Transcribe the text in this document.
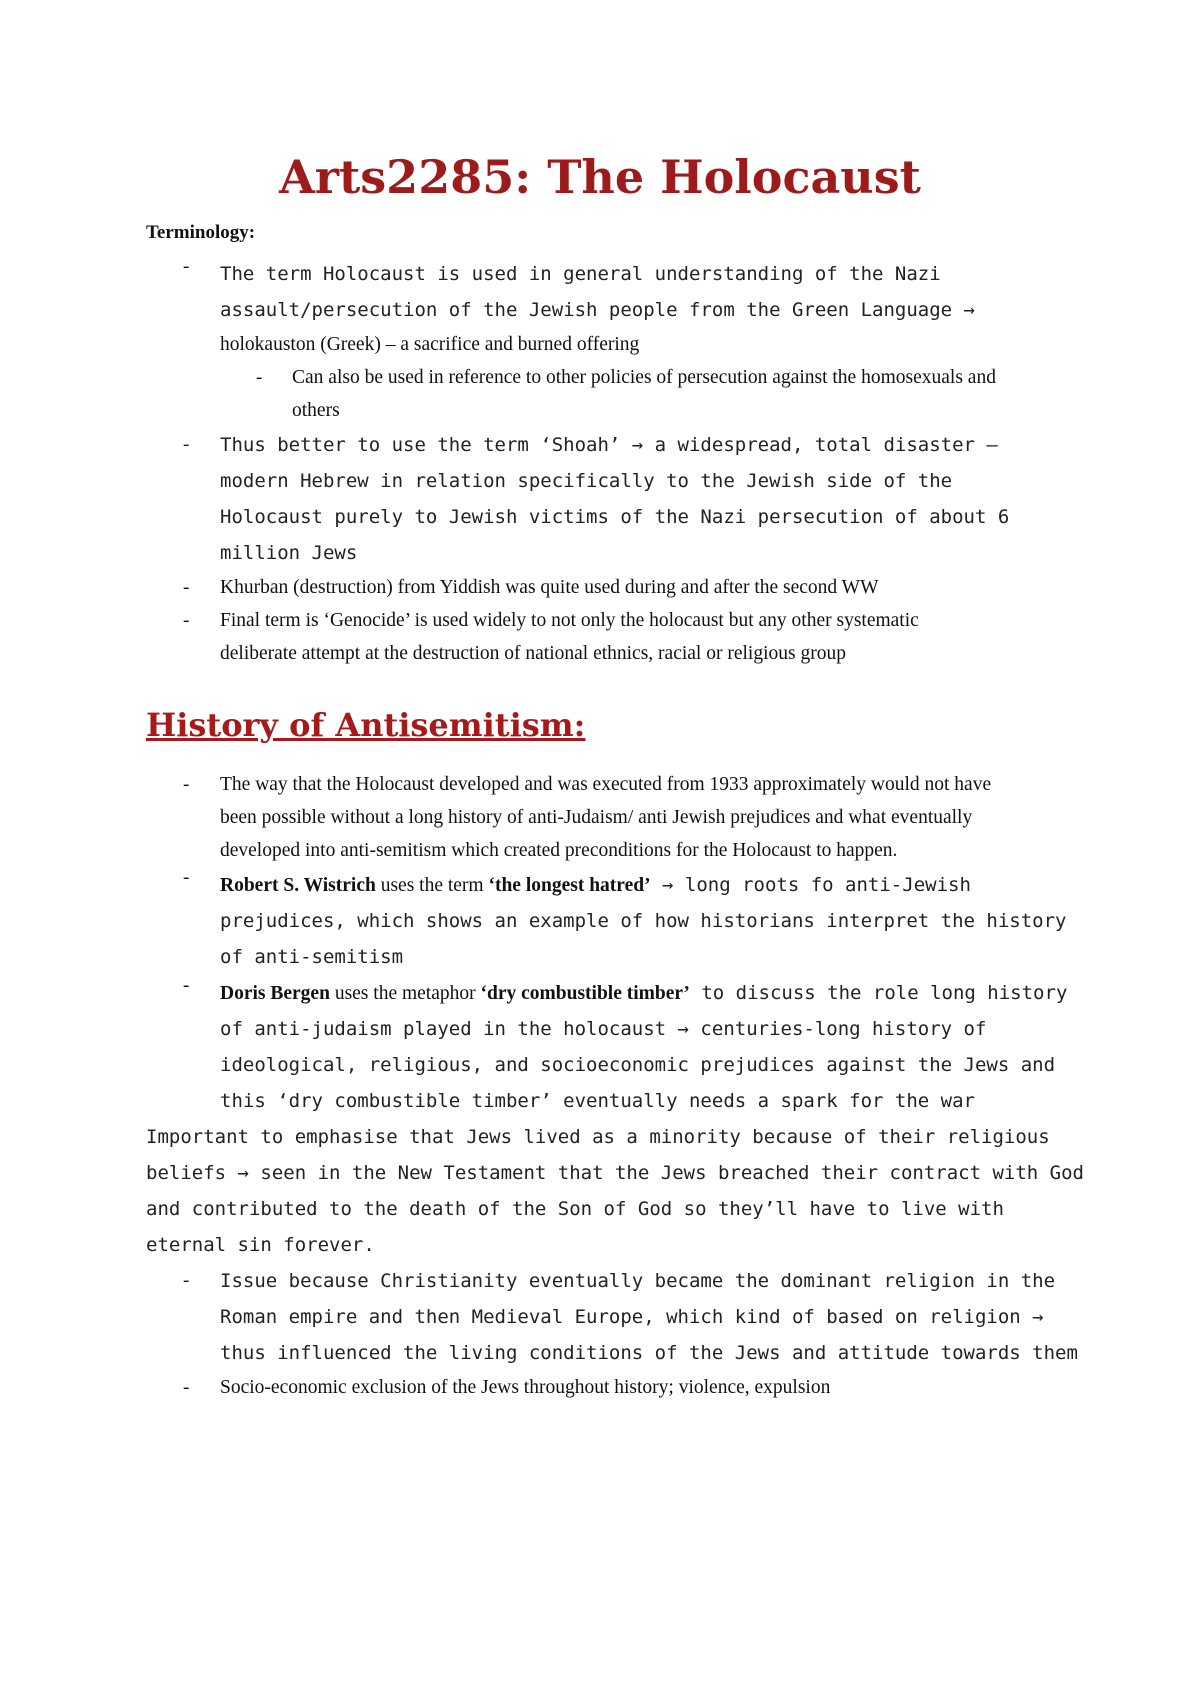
Arts2285: The Holocaust
Terminology:
- The term Holocaust is used in general understanding of the Nazi assault/persecution of the Jewish people from the Green Language →
holokauston (Greek) – a sacrifice and burned offering
- Can also be used in reference to other policies of persecution against the homosexuals and others
- Thus better to use the term ‘Shoah’ → a widespread, total disaster – modern Hebrew in relation specifically to the Jewish side of the Holocaust purely to Jewish victims of the Nazi persecution of about 6 million Jews
- Khurban (destruction) from Yiddish was quite used during and after the second WW
- Final term is ‘Genocide’ is used widely to not only the holocaust but any other systematic deliberate attempt at the destruction of national ethnics, racial or religious group
History of Antisemitism:
- The way that the Holocaust developed and was executed from 1933 approximately would not have been possible without a long history of anti-Judaism/ anti Jewish prejudices and what eventually developed into anti-semitism which created preconditions for the Holocaust to happen.
- Robert S. Wistrich uses the term ‘the longest hatred’ → long roots fo anti-Jewish prejudices, which shows an example of how historians interpret the history of anti-semitism
- Doris Bergen uses the metaphor ‘dry combustible timber’ to discuss the role long history of anti-judaism played in the holocaust → centuries-long history of ideological, religious, and socioeconomic prejudices against the Jews and this ‘dry combustible timber’ eventually needs a spark for the war
Important to emphasise that Jews lived as a minority because of their religious beliefs → seen in the New Testament that the Jews breached their contract with God and contributed to the death of the Son of God so they’ll have to live with eternal sin forever.
- Issue because Christianity eventually became the dominant religion in the Roman empire and then Medieval Europe, which kind of based on religion → thus influenced the living conditions of the Jews and attitude towards them
- Socio-economic exclusion of the Jews throughout history; violence, expulsion
